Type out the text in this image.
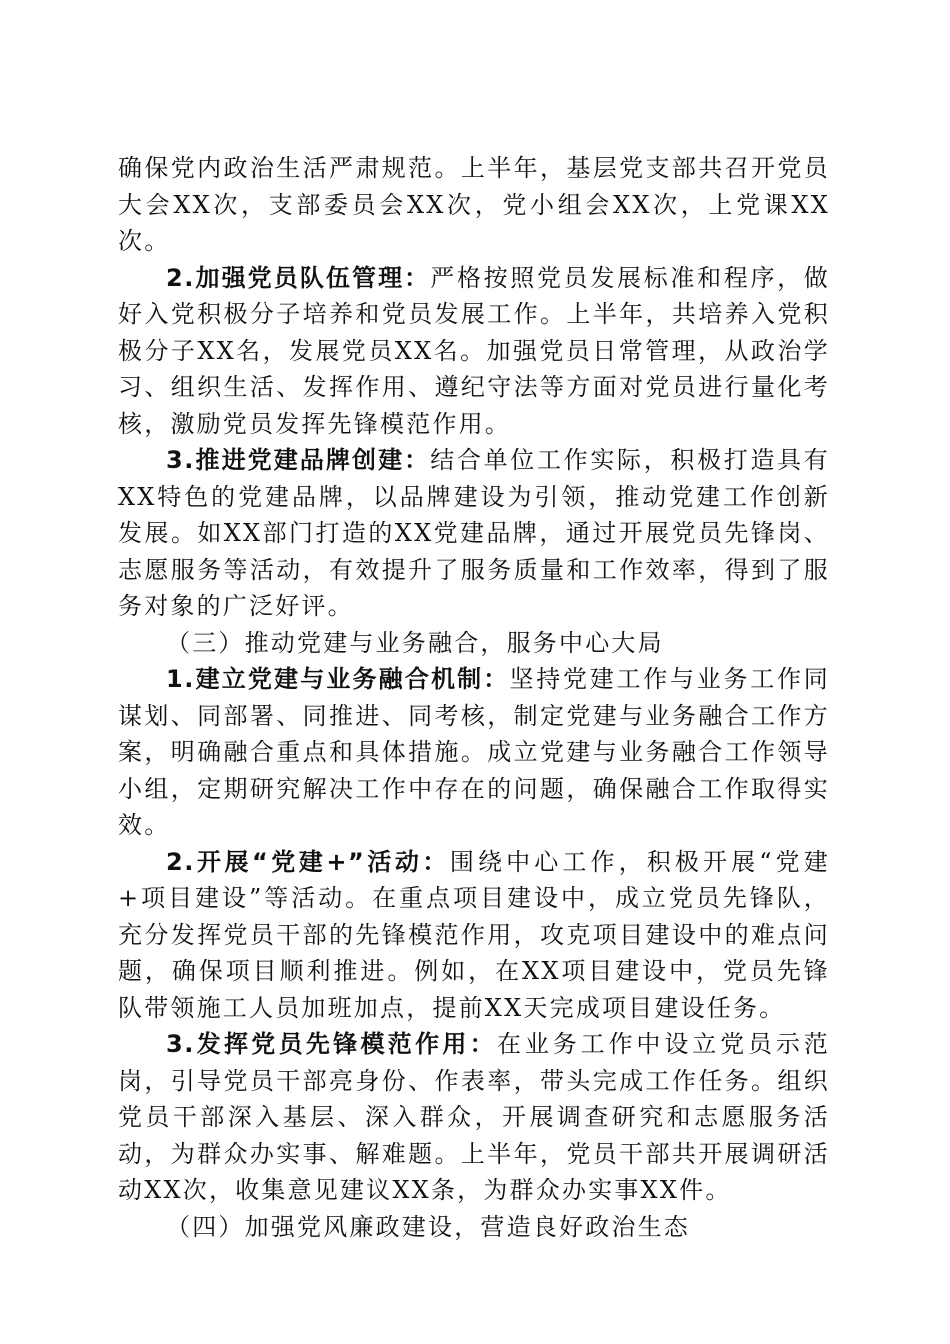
确保党内政治生活严肃规范。上半年，基层党支部共召开党员大会XX次，支部委员会XX次，党小组会XX次，上党课XX次。

2.加强党员队伍管理：严格按照党员发展标准和程序，做好入党积极分子培养和党员发展工作。上半年，共培养入党积极分子XX名，发展党员XX名。加强党员日常管理，从政治学习、组织生活、发挥作用、遵纪守法等方面对党员进行量化考核，激励党员发挥先锋模范作用。

3.推进党建品牌创建：结合单位工作实际，积极打造具有XX特色的党建品牌，以品牌建设为引领，推动党建工作创新发展。如XX部门打造的XX党建品牌，通过开展党员先锋岗、志愿服务等活动，有效提升了服务质量和工作效率，得到了服务对象的广泛好评。

（三）推动党建与业务融合，服务中心大局

1.建立党建与业务融合机制：坚持党建工作与业务工作同谋划、同部署、同推进、同考核，制定党建与业务融合工作方案，明确融合重点和具体措施。成立党建与业务融合工作领导小组，定期研究解决工作中存在的问题，确保融合工作取得实效。

2.开展“党建+”活动：围绕中心工作，积极开展“党建+项目建设”等活动。在重点项目建设中，成立党员先锋队，充分发挥党员干部的先锋模范作用，攻克项目建设中的难点问题，确保项目顺利推进。例如，在XX项目建设中，党员先锋队带领施工人员加班加点，提前XX天完成项目建设任务。

3.发挥党员先锋模范作用：在业务工作中设立党员示范岗，引导党员干部亮身份、作表率，带头完成工作任务。组织党员干部深入基层、深入群众，开展调查研究和志愿服务活动，为群众办实事、解难题。上半年，党员干部共开展调研活动XX次，收集意见建议XX条，为群众办实事XX件。

（四）加强党风廉政建设，营造良好政治生态
